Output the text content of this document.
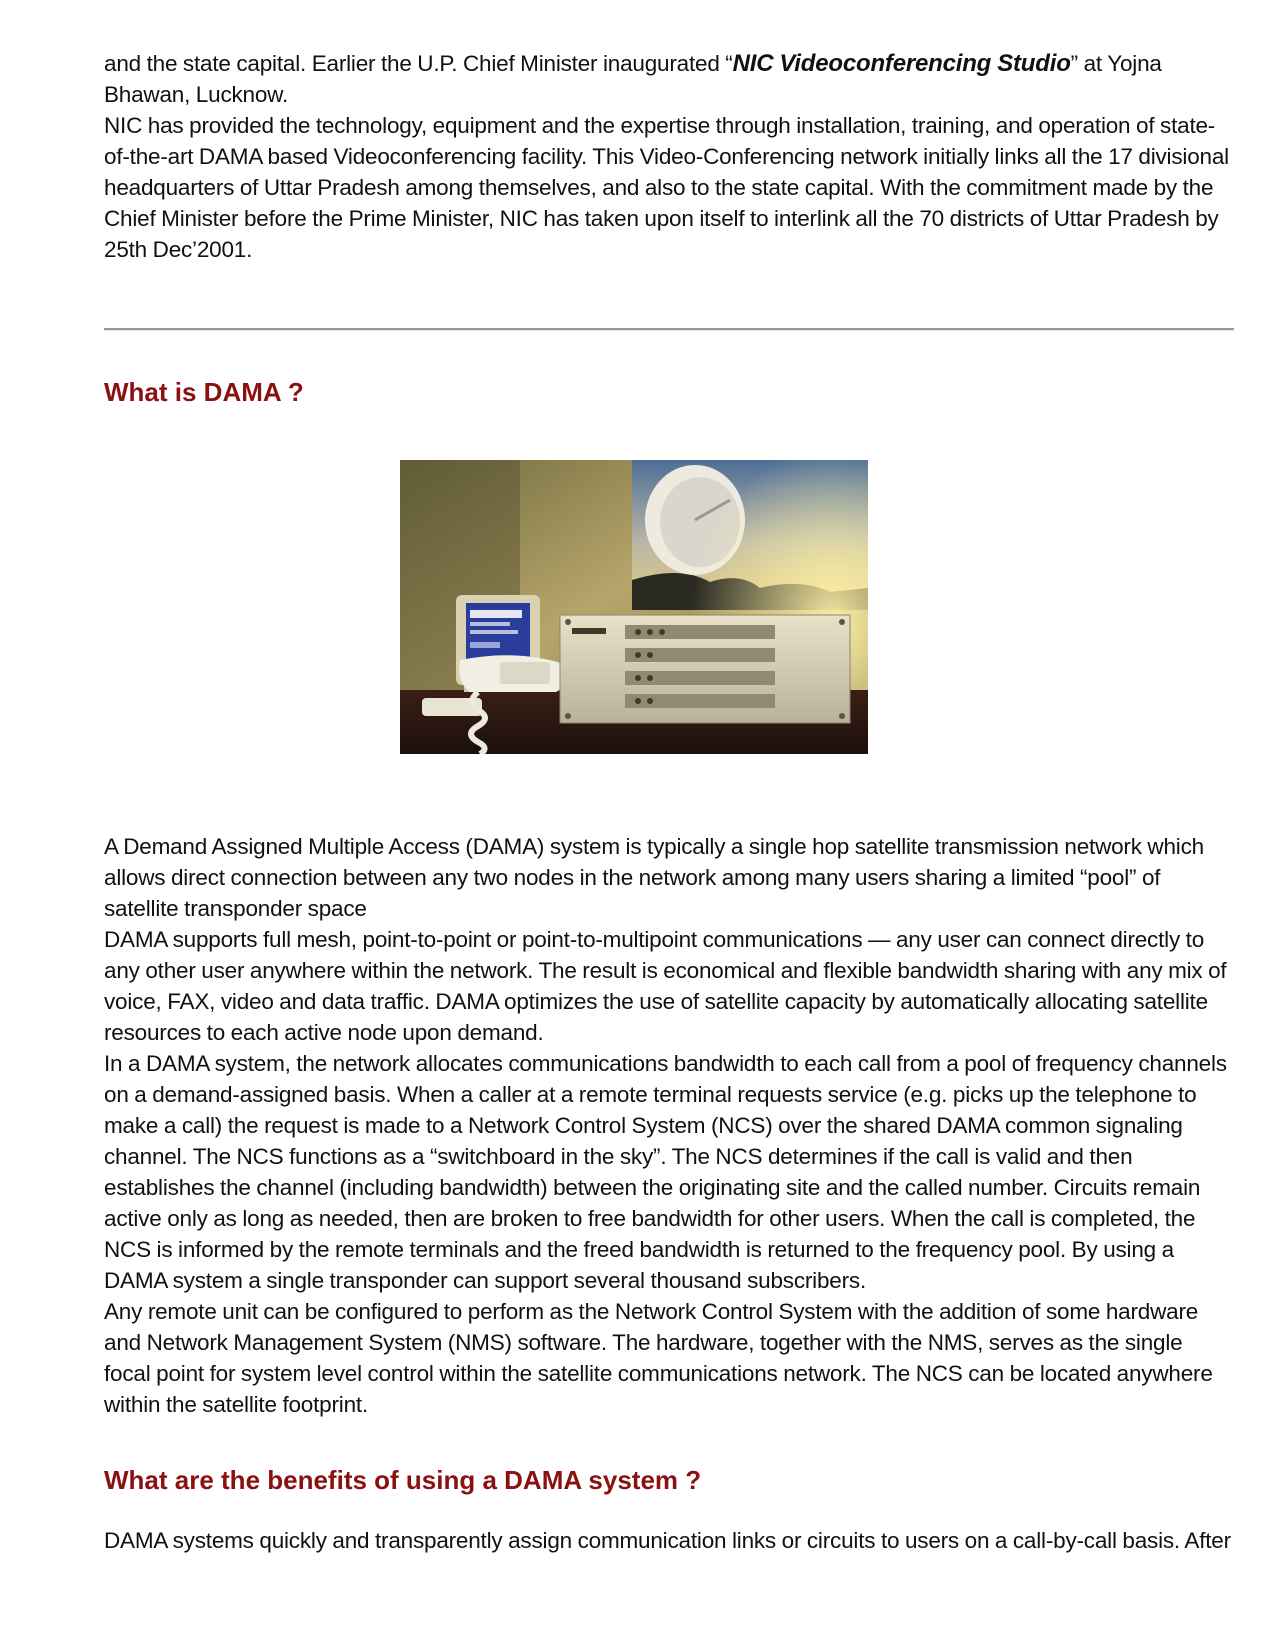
and the state capital. Earlier the U.P. Chief Minister inaugurated “NIC Videoconferencing Studio” at Yojna Bhawan, Lucknow.

NIC has provided the technology, equipment and the expertise through installation, training, and operation of state-of-the-art DAMA based Videoconferencing facility. This Video-Conferencing network initially links all the 17 divisional headquarters of Uttar Pradesh among themselves, and also to the state capital. With the commitment made by the Chief Minister before the Prime Minister, NIC has taken upon itself to interlink all the 70 districts of Uttar Pradesh by 25th Dec’2001.

What is DAMA ?

A Demand Assigned Multiple Access (DAMA) system is typically a single hop satellite transmission network which allows direct connection between any two nodes in the network among many users sharing a limited “pool” of satellite transponder space

DAMA supports full mesh, point-to-point or point-to-multipoint communications — any user can connect directly to any other user anywhere within the network. The result is economical and flexible bandwidth sharing with any mix of voice, FAX, video and data traffic. DAMA optimizes the use of satellite capacity by automatically allocating satellite resources to each active node upon demand.

In a DAMA system, the network allocates communications bandwidth to each call from a pool of frequency channels on a demand-assigned basis. When a caller at a remote terminal requests service (e.g. picks up the telephone to make a call) the request is made to a Network Control System (NCS) over the shared DAMA common signaling channel. The NCS functions as a “switchboard in the sky”. The NCS determines if the call is valid and then establishes the channel (including bandwidth) between the originating site and the called number. Circuits remain active only as long as needed, then are broken to free bandwidth for other users. When the call is completed, the NCS is informed by the remote terminals and the freed bandwidth is returned to the frequency pool. By using a DAMA system a single transponder can support several thousand subscribers.

Any remote unit can be configured to perform as the Network Control System with the addition of some hardware and Network Management System (NMS) software. The hardware, together with the NMS, serves as the single focal point for system level control within the satellite communications network. The NCS can be located anywhere within the satellite footprint.

What are the benefits of using a DAMA system ?

DAMA systems quickly and transparently assign communication links or circuits to users on a call-by-call basis. After
